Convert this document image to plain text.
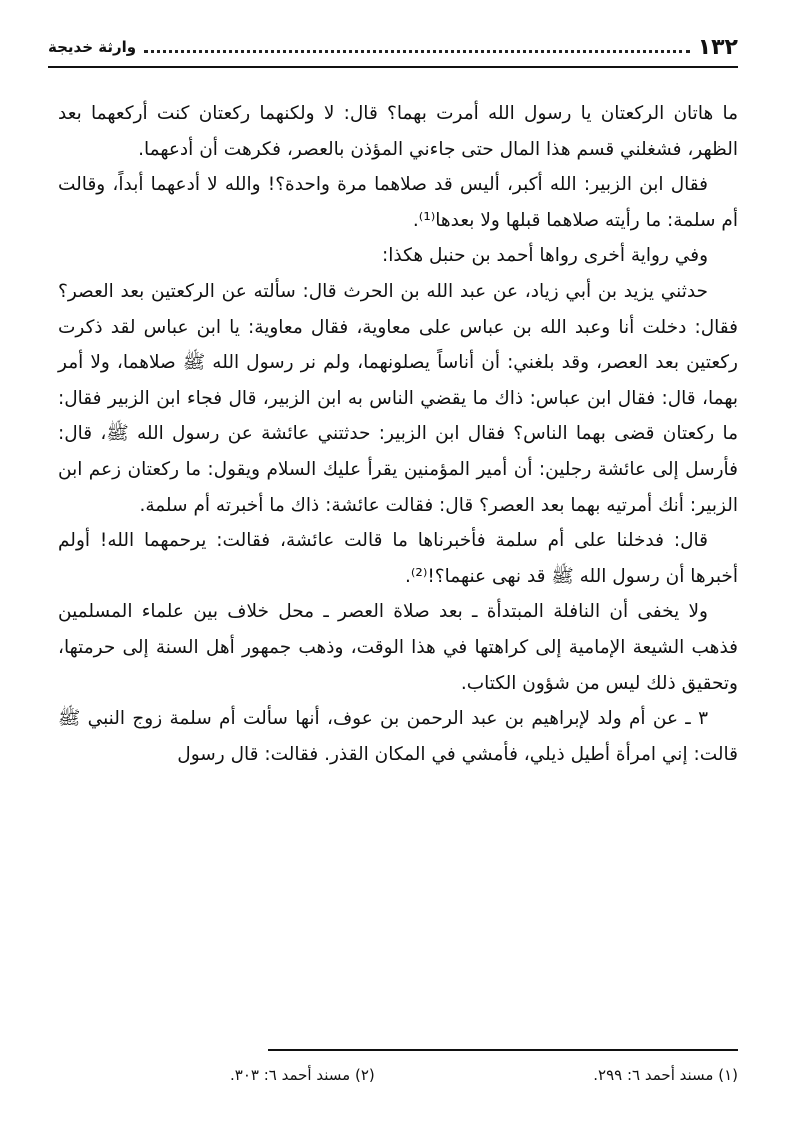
١٣٢
وارثة خديجة

ما هاتان الركعتان يا رسول الله أمرت بهما؟ قال: لا ولكنهما ركعتان كنت أركعهما بعد الظهر، فشغلني قسم هذا المال حتى جاءني المؤذن بالعصر، فكرهت أن أدعهما.

فقال ابن الزبير: الله أكبر، أليس قد صلاهما مرة واحدة؟! والله لا أدعهما أبداً، وقالت أم سلمة: ما رأيته صلاهما قبلها ولا بعدها⁽¹⁾.

وفي رواية أخرى رواها أحمد بن حنبل هكذا:

حدثني يزيد بن أبي زياد، عن عبد الله بن الحرث قال: سألته عن الركعتين بعد العصر؟ فقال: دخلت أنا وعبد الله بن عباس على معاوية، فقال معاوية: يا ابن عباس لقد ذكرت ركعتين بعد العصر، وقد بلغني: أن أناساً يصلونهما، ولم نر رسول الله ﷺ صلاهما، ولا أمر بهما، قال: فقال ابن عباس: ذاك ما يقضي الناس به ابن الزبير، قال فجاء ابن الزبير فقال: ما ركعتان قضى بهما الناس؟ فقال ابن الزبير: حدثتني عائشة عن رسول الله ﷺ، قال: فأرسل إلى عائشة رجلين: أن أمير المؤمنين يقرأ عليك السلام ويقول: ما ركعتان زعم ابن الزبير: أنك أمرتيه بهما بعد العصر؟ قال: فقالت عائشة: ذاك ما أخبرته أم سلمة.

قال: فدخلنا على أم سلمة فأخبرناها ما قالت عائشة، فقالت: يرحمهما الله! أولم أخبرها أن رسول الله ﷺ قد نهى عنهما؟!⁽²⁾.

ولا يخفى أن النافلة المبتدأة ـ بعد صلاة العصر ـ محل خلاف بين علماء المسلمين فذهب الشيعة الإمامية إلى كراهتها في هذا الوقت، وذهب جمهور أهل السنة إلى حرمتها، وتحقيق ذلك ليس من شؤون الكتاب.

٣ ـ عن أم ولد لإبراهيم بن عبد الرحمن بن عوف، أنها سألت أم سلمة زوج النبي ﷺ قالت: إني امرأة أطيل ذيلي، فأمشي في المكان القذر. فقالت: قال رسول

(١) مسند أحمد ٦: ٢٩٩.
(٢) مسند أحمد ٦: ٣٠٣.
